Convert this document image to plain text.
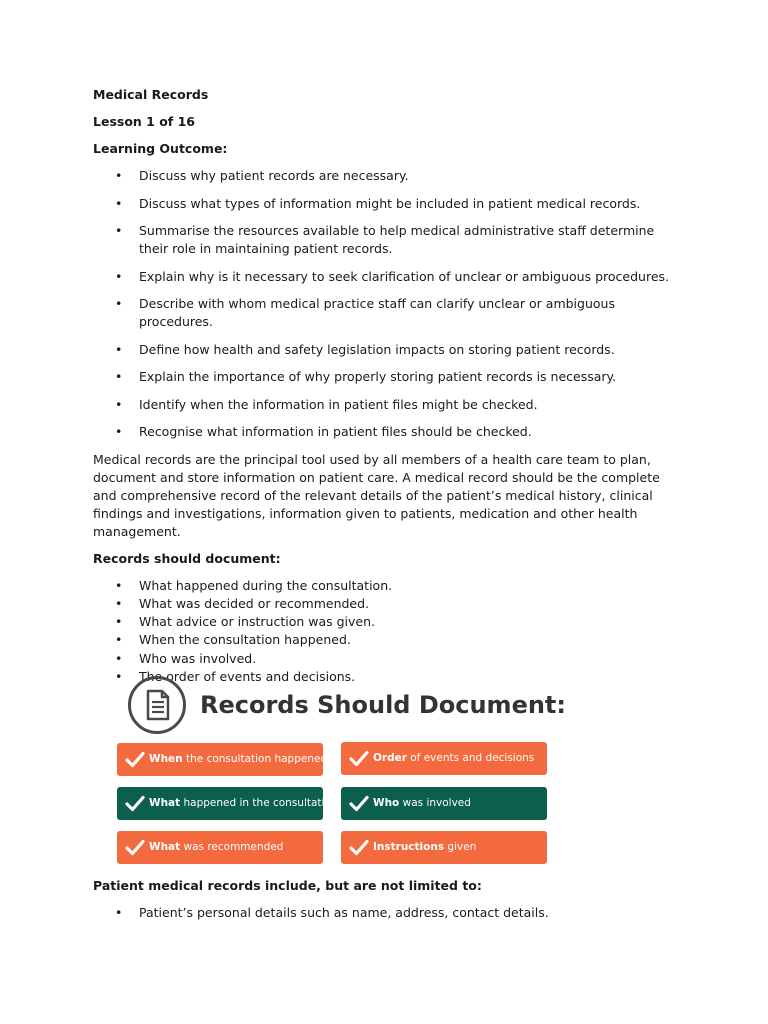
Medical Records
Lesson 1 of 16
Learning Outcome:
• Discuss why patient records are necessary.
• Discuss what types of information might be included in patient medical records.
• Summarise the resources available to help medical administrative staff determine their role in maintaining patient records.
• Explain why is it necessary to seek clarification of unclear or ambiguous procedures.
• Describe with whom medical practice staff can clarify unclear or ambiguous procedures.
• Define how health and safety legislation impacts on storing patient records.
• Explain the importance of why properly storing patient records is necessary.
• Identify when the information in patient files might be checked.
• Recognise what information in patient files should be checked.
Medical records are the principal tool used by all members of a health care team to plan, document and store information on patient care. A medical record should be the complete and comprehensive record of the relevant details of the patient’s medical history, clinical findings and investigations, information given to patients, medication and other health management.
Records should document:
• What happened during the consultation.
• What was decided or recommended.
• What advice or instruction was given.
• When the consultation happened.
• Who was involved.
• The order of events and decisions.
Records Should Document:
When the consultation happened	Order of events and decisions
What happened in the consultation	Who was involved
What was recommended	Instructions given
Patient medical records include, but are not limited to:
• Patient’s personal details such as name, address, contact details.
